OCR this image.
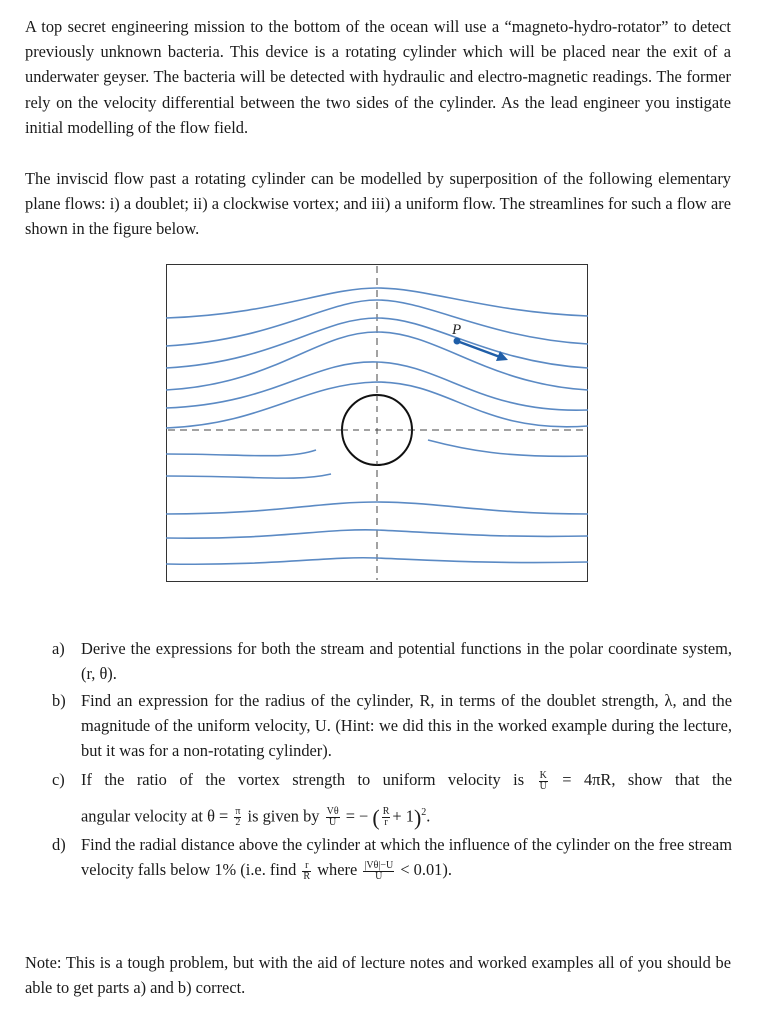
A top secret engineering mission to the bottom of the ocean will use a “magneto-hydro-rotator” to detect previously unknown bacteria. This device is a rotating cylinder which will be placed near the exit of a underwater geyser. The bacteria will be detected with hydraulic and electro-magnetic readings. The former rely on the velocity differential between the two sides of the cylinder. As the lead engineer you instigate initial modelling of the flow field.

The inviscid flow past a rotating cylinder can be modelled by superposition of the following elementary plane flows: i) a doublet; ii) a clockwise vortex; and iii) a uniform flow. The streamlines for such a flow are shown in the figure below.

P
a) Derive the expressions for both the stream and potential functions in the polar coordinate system, (r, θ).
b) Find an expression for the radius of the cylinder, R, in terms of the doublet strength, λ, and the magnitude of the uniform velocity, U. (Hint: we did this in the worked example during the lecture, but it was for a non-rotating cylinder).
c) If the ratio of the vortex strength to uniform velocity is $\frac{K}{U} = 4\pi R$, show that the
angular velocity at $\theta = \frac{\pi}{2}$ is given by $\frac{V\theta}{U}$ = − ( $\frac{R}{r} + 1)^2$.
d) Find the radial distance above the cylinder at which the influence of the cylinder on the free stream velocity falls below 1% (i.e. find $\frac{r}{R}$ where $\frac{|V\theta|-U}{U} < 0.01$).

Note: This is a tough problem, but with the aid of lecture notes and worked examples all of you should be able to get parts a) and b) correct.
